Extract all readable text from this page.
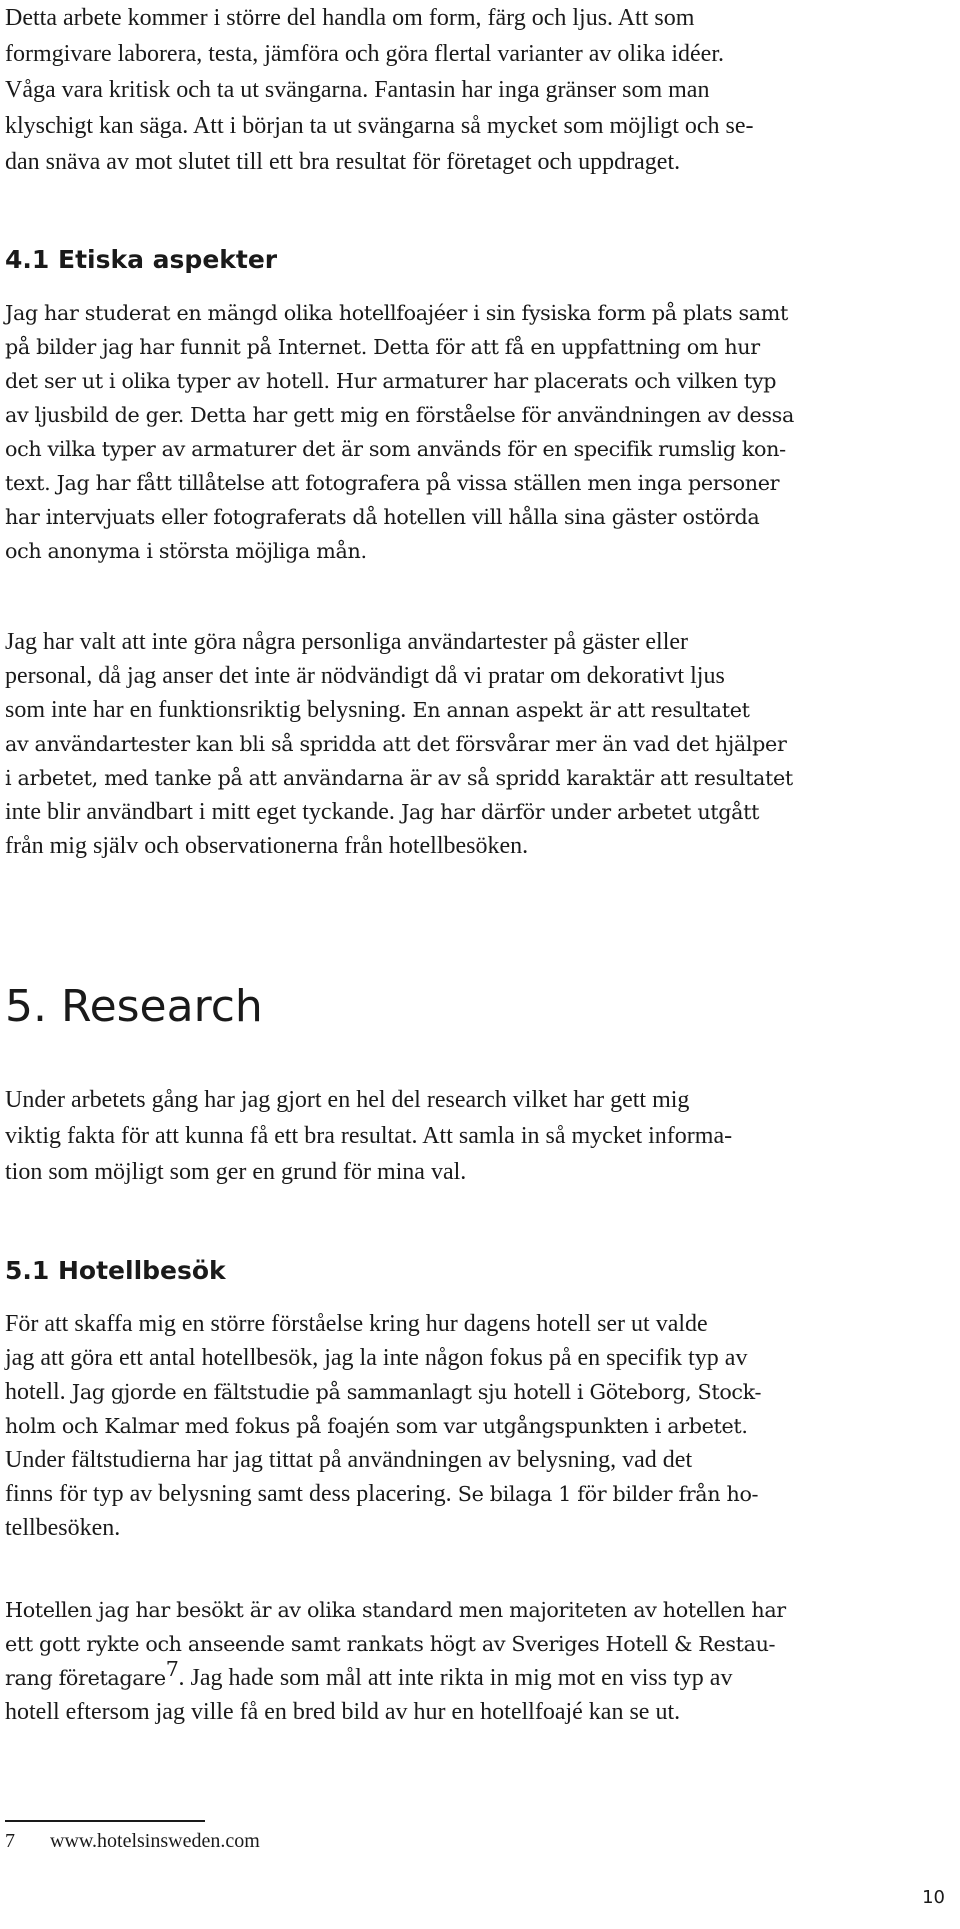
Detta arbete kommer i större del handla om form, färg och ljus. Att som
formgivare laborera, testa, jämföra och göra flertal varianter av olika idéer.
Våga vara kritisk och ta ut svängarna. Fantasin har inga gränser som man
klyschigt kan säga. Att i början ta ut svängarna så mycket som möjligt och se-
dan snäva av mot slutet till ett bra resultat för företaget och uppdraget.

4.1 Etiska aspekter

Jag har studerat en mängd olika hotellfoajéer i sin fysiska form på plats samt
på bilder jag har funnit på Internet. Detta för att få en uppfattning om hur
det ser ut i olika typer av hotell. Hur armaturer har placerats och vilken typ
av ljusbild de ger. Detta har gett mig en förståelse för användningen av dessa
och vilka typer av armaturer det är som används för en specifik rumslig kon-
text. Jag har fått tillåtelse att fotografera på vissa ställen men inga personer
har intervjuats eller fotograferats då hotellen vill hålla sina gäster ostörda
och anonyma i största möjliga mån.

Jag har valt att inte göra några personliga användartester på gäster eller
personal, då jag anser det inte är nödvändigt då vi pratar om dekorativt ljus
som inte har en funktionsriktig belysning. En annan aspekt är att resultatet
av användartester kan bli så spridda att det försvårar mer än vad det hjälper
i arbetet, med tanke på att användarna är av så spridd karaktär att resultatet
inte blir användbart i mitt eget tyckande. Jag har därför under arbetet utgått
från mig själv och observationerna från hotellbesöken.

5. Research

Under arbetets gång har jag gjort en hel del research vilket har gett mig
viktig fakta för att kunna få ett bra resultat. Att samla in så mycket informa-
tion som möjligt som ger en grund för mina val.

5.1 Hotellbesök

För att skaffa mig en större förståelse kring hur dagens hotell ser ut valde
jag att göra ett antal hotellbesök, jag la inte någon fokus på en specifik typ av
hotell. Jag gjorde en fältstudie på sammanlagt sju hotell i Göteborg, Stock-
holm och Kalmar med fokus på foajén som var utgångspunkten i arbetet.
Under fältstudierna har jag tittat på användningen av belysning, vad det
finns för typ av belysning samt dess placering. Se bilaga 1 för bilder från ho-
tellbesöken.

Hotellen jag har besökt är av olika standard men majoriteten av hotellen har
ett gott rykte och anseende samt rankats högt av Sveriges Hotell & Restau-
rang företagare$^7$. Jag hade som mål att inte rikta in mig mot en viss typ av
hotell eftersom jag ville få en bred bild av hur en hotellfoajé kan se ut.

7 www.hotelsinsweden.com
10
